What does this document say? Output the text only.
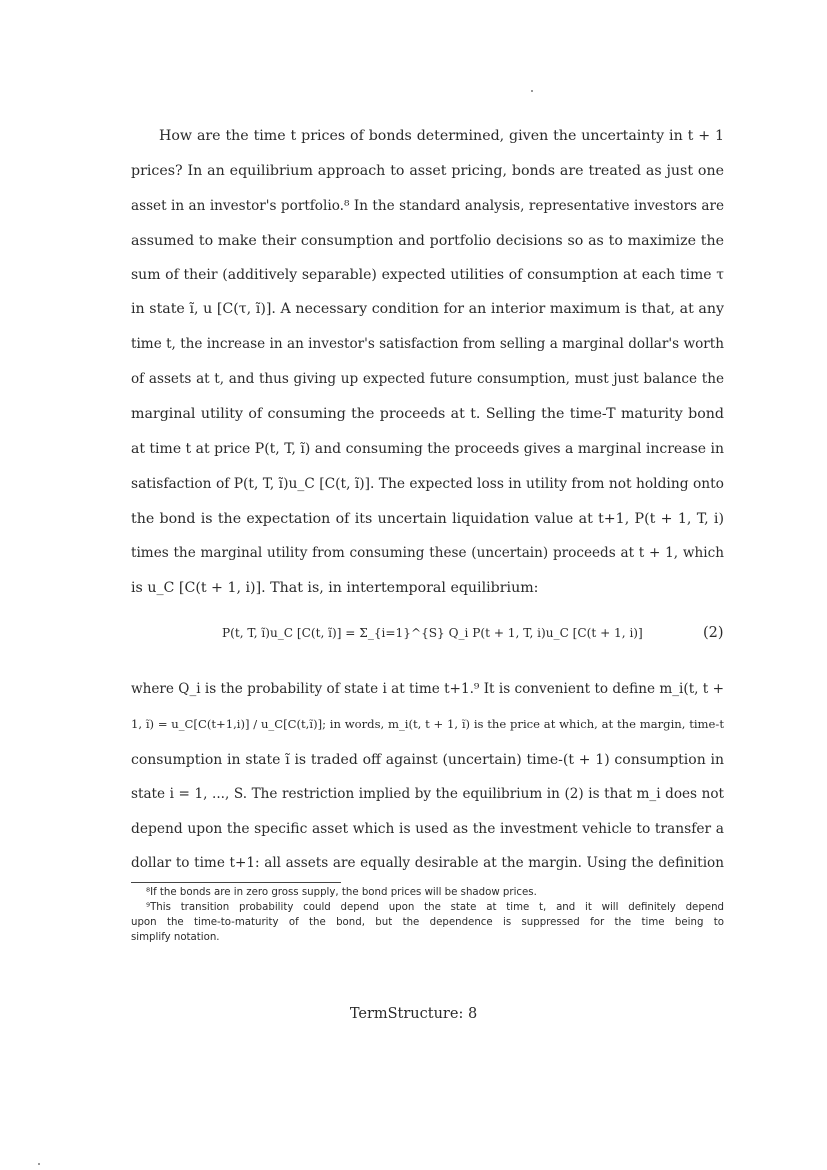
How are the time t prices of bonds determined, given the uncertainty in t + 1
prices? In an equilibrium approach to asset pricing, bonds are treated as just one
asset in an investor's portfolio.⁸ In the standard analysis, representative investors are
assumed to make their consumption and portfolio decisions so as to maximize the
sum of their (additively separable) expected utilities of consumption at each time τ
in state ĩ, u [C(τ, ĩ)]. A necessary condition for an interior maximum is that, at any
time t, the increase in an investor's satisfaction from selling a marginal dollar's worth
of assets at t, and thus giving up expected future consumption, must just balance the
marginal utility of consuming the proceeds at t. Selling the time-T maturity bond
at time t at price P(t, T, ĩ) and consuming the proceeds gives a marginal increase in
satisfaction of P(t, T, ĩ)u_C [C(t, ĩ)]. The expected loss in utility from not holding onto
the bond is the expectation of its uncertain liquidation value at t+1, P(t + 1, T, i)
times the marginal utility from consuming these (uncertain) proceeds at t + 1, which
is u_C [C(t + 1, i)]. That is, in intertemporal equilibrium:
P(t, T, ĩ)u_C [C(t, ĩ)] = Σ_{i=1}^{S} Q_i P(t + 1, T, i)u_C [C(t + 1, i)]	(2)
where Q_i is the probability of state i at time t+1.⁹ It is convenient to define m_i(t, t +
1, ĩ) = u_C[C(t+1,i)] / u_C[C(t,ĩ)]; in words, m_i(t, t + 1, ĩ) is the price at which, at the margin, time-t
consumption in state ĩ is traded off against (uncertain) time-(t + 1) consumption in
state i = 1, ..., S. The restriction implied by the equilibrium in (2) is that m_i does not
depend upon the specific asset which is used as the investment vehicle to transfer a
dollar to time t+1: all assets are equally desirable at the margin. Using the definition
⁸If the bonds are in zero gross supply, the bond prices will be shadow prices.
⁹This transition probability could depend upon the state at time t, and it will definitely depend
upon the time-to-maturity of the bond, but the dependence is suppressed for the time being to
simplify notation.
TermStructure: 8
